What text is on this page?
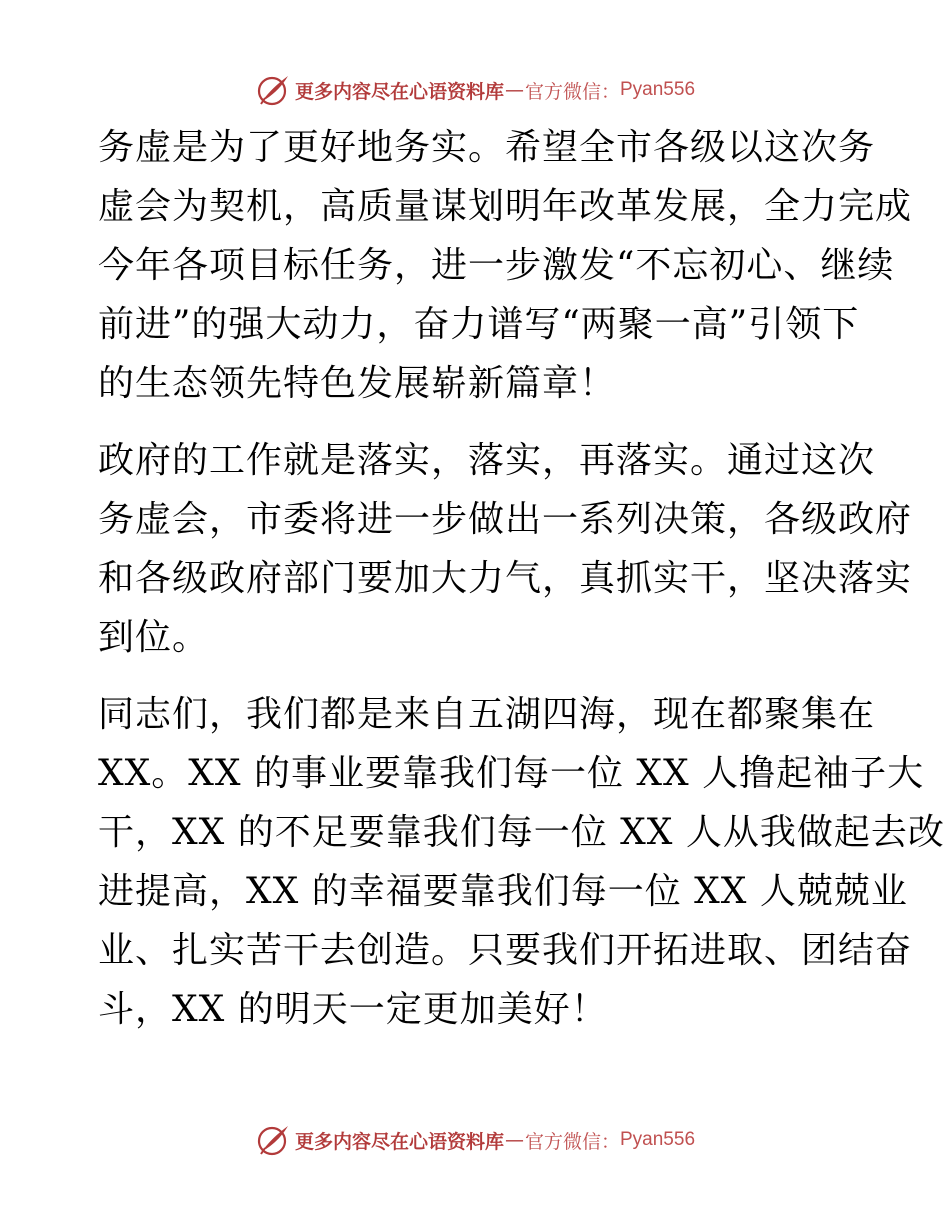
更多内容尽在心语资料库 — 官方微信： Pyan556
务虚是为了更好地务实。希望全市各级以这次务
虚会为契机，高质量谋划明年改革发展，全力完成
今年各项目标任务，进一步激发“不忘初心、继续
前进”的强大动力，奋力谱写“两聚一高”引领下
的生态领先特色发展崭新篇章！
政府的工作就是落实，落实，再落实。通过这次
务虚会，市委将进一步做出一系列决策，各级政府
和各级政府部门要加大力气，真抓实干，坚决落实
到位。
同志们，我们都是来自五湖四海，现在都聚集在
XX。XX 的事业要靠我们每一位 XX 人撸起袖子大
干，XX 的不足要靠我们每一位 XX 人从我做起去改
进提高，XX 的幸福要靠我们每一位 XX 人兢兢业
业、扎实苦干去创造。只要我们开拓进取、团结奋
斗，XX 的明天一定更加美好！
更多内容尽在心语资料库 — 官方微信： Pyan556
